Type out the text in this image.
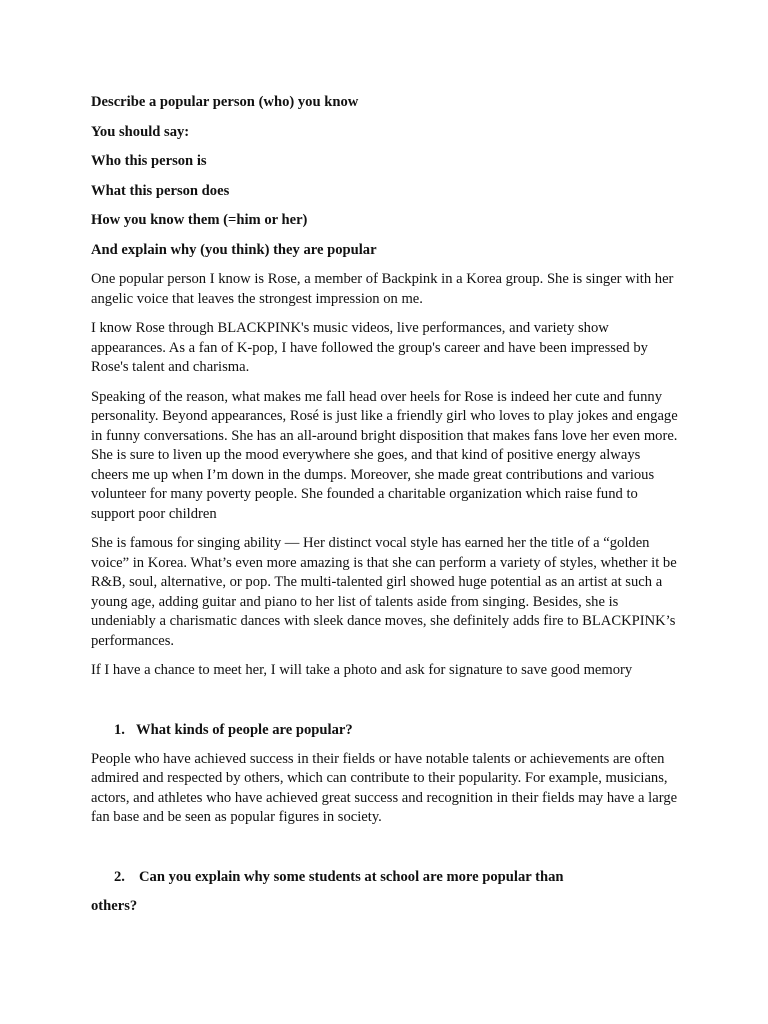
Describe a popular person (who) you know

You should say:

Who this person is

What this person does

How you know them (=him or her)

And explain why (you think) they are popular

One popular person I know is Rose, a member of Backpink in a Korea group. She is singer with her angelic voice that leaves the strongest impression on me.

I know Rose through BLACKPINK's music videos, live performances, and variety show appearances. As a fan of K-pop, I have followed the group's career and have been impressed by Rose's talent and charisma.

Speaking of the reason, what makes me fall head over heels for Rose is indeed her cute and funny personality. Beyond appearances, Rosé is just like a friendly girl who loves to play jokes and engage in funny conversations. She has an all-around bright disposition that makes fans love her even more. She is sure to liven up the mood everywhere she goes, and that kind of positive energy always cheers me up when I’m down in the dumps. Moreover, she made great contributions and various volunteer for many poverty people. She founded a charitable organization which raise fund to support poor children

She is famous for singing ability — Her distinct vocal style has earned her the title of a “golden voice” in Korea. What’s even more amazing is that she can perform a variety of styles, whether it be R&B, soul, alternative, or pop. The multi-talented girl showed huge potential as an artist at such a young age, adding guitar and piano to her list of talents aside from singing. Besides, she is undeniably a charismatic dances with sleek dance moves, she definitely adds fire to BLACKPINK’s performances.

If I have a chance to meet her, I will take a photo and ask for signature to save good memory

1. What kinds of people are popular?

People who have achieved success in their fields or have notable talents or achievements are often admired and respected by others, which can contribute to their popularity. For example, musicians, actors, and athletes who have achieved great success and recognition in their fields may have a large fan base and be seen as popular figures in society.

2. Can you explain why some students at school are more popular than

others?
